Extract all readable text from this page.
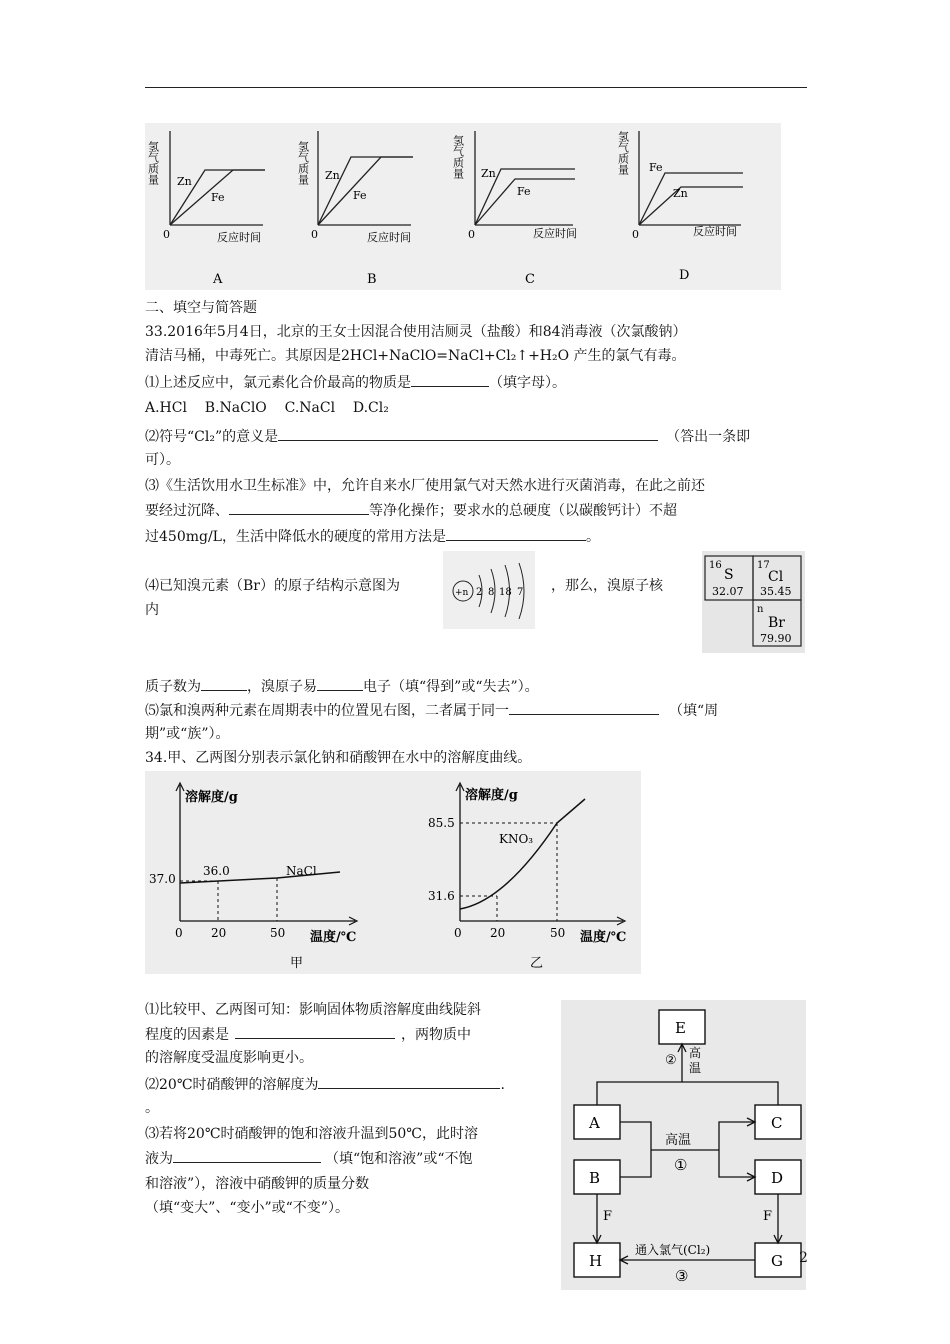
氢气质量 Zn
Fe
0	反应时间
A
氢气质量 Zn
Fe
0	反应时间
B
氢气质量 Zn
Fe
0	反应时间
C
氢气质量 Fe
Zn
0	反应时间
D
二、填空与简答题
33.2016年5月4日，北京的王女士因混合使用洁厕灵（盐酸）和84消毒液（次氯酸钠）
清洁马桶，中毒死亡。其原因是2HCl+NaClO=NaCl+Cl₂↑+H₂O 产生的氯气有毒。
⑴上述反应中，氯元素化合价最高的物质是	（填字母）。
A.HCl B.NaClO C.NaCl D.Cl₂
⑵符号“Cl₂”的意义是	（答出一条即
可）。
⑶《生活饮用水卫生标准》中，允许自来水厂使用氯气对天然水进行灭菌消毒，在此之前还
要经过沉降、	等净化操作；要求水的总硬度（以碳酸钙计）不超
过450mg/L，生活中降低水的硬度的常用方法是	。
⑷已知溴元素（Br）的原子结构示意图为	+n 2 8 18 7 ，那么，溴原子核
内
16
S
32.07
17
Cl
35.45
n
Br
79.90
质子数为	，溴原子易	电子（填“得到”或“失去”）。
⑸氯和溴两种元素在周期表中的位置见右图，二者属于同一	（填“周
期”或“族”）。
34.甲、乙两图分别表示氯化钠和硝酸钾在水中的溶解度曲线。
溶解度/g
37.0
36.0	NaCl
0 20	50 温度/℃
甲
溶解度/g
85.5
31.6
KNO₃
0 20	50 温度/℃
乙
⑴比较甲、乙两图可知：影响固体物质溶解度曲线陡斜
程度的因素是	，两物质中
的溶解度受温度影响更小。
⑵20℃时硝酸钾的溶解度为	.
。
⑶若将20℃时硝酸钾的饱和溶液升温到50℃，此时溶
液为	（填“饱和溶液”或“不饱
和溶液”），溶液中硝酸钾的质量分数
（填“变大”、“变小”或“不变”）。
E
A
B
H
C
D
G
高温
①
② 高
温
F	F
通入氯气(Cl₂)
③
2
